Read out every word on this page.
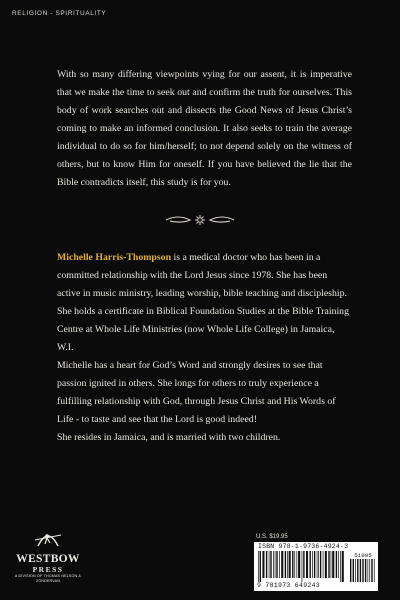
RELIGION - SPIRITUALITY

With so many differing viewpoints vying for our assent, it is imperative that we make the time to seek out and confirm the truth for ourselves. This body of work searches out and dissects the Good News of Jesus Christ’s coming to make an informed conclusion. It also seeks to train the average individual to do so for him/herself; to not depend solely on the witness of others, but to know Him for oneself. If you have believed the lie that the Bible contradicts itself, this study is for you.

Michelle Harris-Thompson is a medical doctor who has been in a committed relationship with the Lord Jesus since 1978. She has been active in music ministry, leading worship, bible teaching and discipleship. She holds a certificate in Biblical Foundation Studies at the Bible Training Centre at Whole Life Ministries (now Whole Life College) in Jamaica, W.I.

Michelle has a heart for God’s Word and strongly desires to see that passion ignited in others. She longs for others to truly experience a fulfilling relationship with God, through Jesus Christ and His Words of Life - to taste and see that the Lord is good indeed!

She resides in Jamaica, and is married with two children.

WESTBOW
PRESS
A DIVISION OF THOMAS NELSON & ZONDERVAN
U.S. $19.95
ISBN 978-1-9736-4924-3
9 781973 649243
51995
